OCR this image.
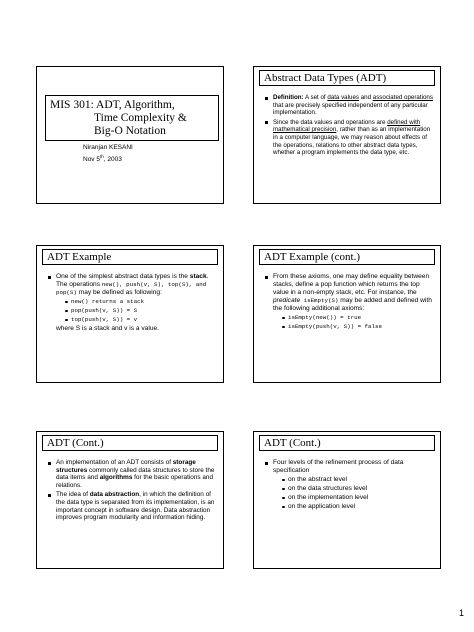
MIS 301: ADT, Algorithm,
Time Complexity &
Big-O Notation
Niranjan KESANI
Nov 5th, 2003
Abstract Data Types (ADT)
Definition: A set of data values and associated operations that are precisely specified independent of any particular implementation.
Since the data values and operations are defined with mathematical precision, rather than as an implementation in a computer language, we may reason about effects of the operations, relations to other abstract data types, whether a program implements the data type, etc.
ADT Example
One of the simplest abstract data types is the stack. The operations new(), push(v, S), top(S), and pop(S) may be defined as following:
new() returns a stack
pop(push(v, S)) = S
top(push(v, S)) = v
where S is a stack and v is a value.
ADT Example (cont.)
From these axioms, one may define equality between stacks, define a pop function which returns the top value in a non-empty stack, etc. For instance, the predicate isEmpty(S) may be added and defined with the following additional axioms:
isEmpty(new()) = true
isEmpty(push(v, S)) = false
ADT (Cont.)
An implementation of an ADT consists of storage structures commonly called data structures to store the data items and algorithms for the basic operations and relations.
The idea of data abstraction, in which the definition of the data type is separated from its implementation, is an important concept in software design. Data abstraction improves program modularity and information hiding.
ADT (Cont.)
Four levels of the refinement process of data specification
on the abstract level
on the data structures level
on the implementation level
on the application level
1
